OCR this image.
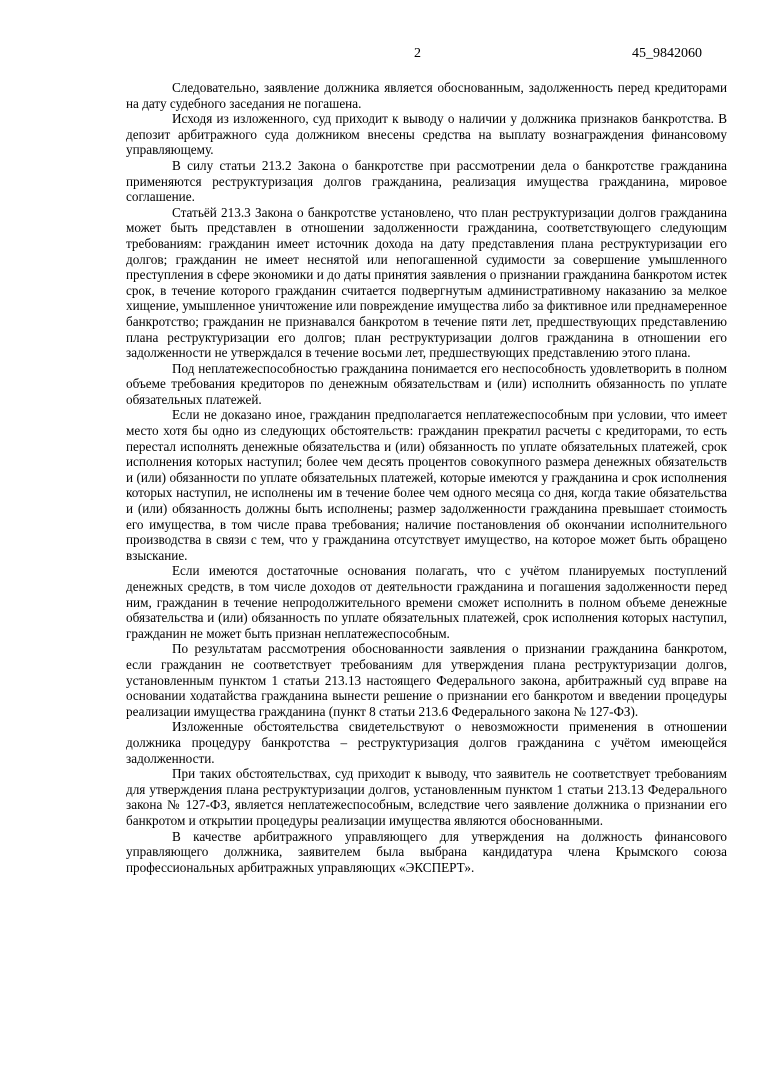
2	45_9842060

Следовательно, заявление должника является обоснованным, задолженность перед кредиторами на дату судебного заседания не погашена.

Исходя из изложенного, суд приходит к выводу о наличии у должника признаков банкротства. В депозит арбитражного суда должником внесены средства на выплату вознаграждения финансовому управляющему.

В силу статьи 213.2 Закона о банкротстве при рассмотрении дела о банкротстве гражданина применяются реструктуризация долгов гражданина, реализация имущества гражданина, мировое соглашение.

Статьёй 213.3 Закона о банкротстве установлено, что план реструктуризации долгов гражданина может быть представлен в отношении задолженности гражданина, соответствующего следующим требованиям: гражданин имеет источник дохода на дату представления плана реструктуризации его долгов; гражданин не имеет неснятой или непогашенной судимости за совершение умышленного преступления в сфере экономики и до даты принятия заявления о признании гражданина банкротом истек срок, в течение которого гражданин считается подвергнутым административному наказанию за мелкое хищение, умышленное уничтожение или повреждение имущества либо за фиктивное или преднамеренное банкротство; гражданин не признавался банкротом в течение пяти лет, предшествующих представлению плана реструктуризации его долгов; план реструктуризации долгов гражданина в отношении его задолженности не утверждался в течение восьми лет, предшествующих представлению этого плана.

Под неплатежеспособностью гражданина понимается его неспособность удовлетворить в полном объеме требования кредиторов по денежным обязательствам и (или) исполнить обязанность по уплате обязательных платежей.

Если не доказано иное, гражданин предполагается неплатежеспособным при условии, что имеет место хотя бы одно из следующих обстоятельств: гражданин прекратил расчеты с кредиторами, то есть перестал исполнять денежные обязательства и (или) обязанность по уплате обязательных платежей, срок исполнения которых наступил; более чем десять процентов совокупного размера денежных обязательств и (или) обязанности по уплате обязательных платежей, которые имеются у гражданина и срок исполнения которых наступил, не исполнены им в течение более чем одного месяца со дня, когда такие обязательства и (или) обязанность должны быть исполнены; размер задолженности гражданина превышает стоимость его имущества, в том числе права требования; наличие постановления об окончании исполнительного производства в связи с тем, что у гражданина отсутствует имущество, на которое может быть обращено взыскание.

Если имеются достаточные основания полагать, что с учётом планируемых поступлений денежных средств, в том числе доходов от деятельности гражданина и погашения задолженности перед ним, гражданин в течение непродолжительного времени сможет исполнить в полном объеме денежные обязательства и (или) обязанность по уплате обязательных платежей, срок исполнения которых наступил, гражданин не может быть признан неплатежеспособным.

По результатам рассмотрения обоснованности заявления о признании гражданина банкротом, если гражданин не соответствует требованиям для утверждения плана реструктуризации долгов, установленным пунктом 1 статьи 213.13 настоящего Федерального закона, арбитражный суд вправе на основании ходатайства гражданина вынести решение о признании его банкротом и введении процедуры реализации имущества гражданина (пункт 8 статьи 213.6 Федерального закона № 127-ФЗ).

Изложенные обстоятельства свидетельствуют о невозможности применения в отношении должника процедуру банкротства – реструктуризация долгов гражданина с учётом имеющейся задолженности.

При таких обстоятельствах, суд приходит к выводу, что заявитель не соответствует требованиям для утверждения плана реструктуризации долгов, установленным пунктом 1 статьи 213.13 Федерального закона № 127-ФЗ, является неплатежеспособным, вследствие чего заявление должника о признании его банкротом и открытии процедуры реализации имущества являются обоснованными.

В качестве арбитражного управляющего для утверждения на должность финансового управляющего должника, заявителем была выбрана кандидатура члена Крымского союза профессиональных арбитражных управляющих «ЭКСПЕРТ».
